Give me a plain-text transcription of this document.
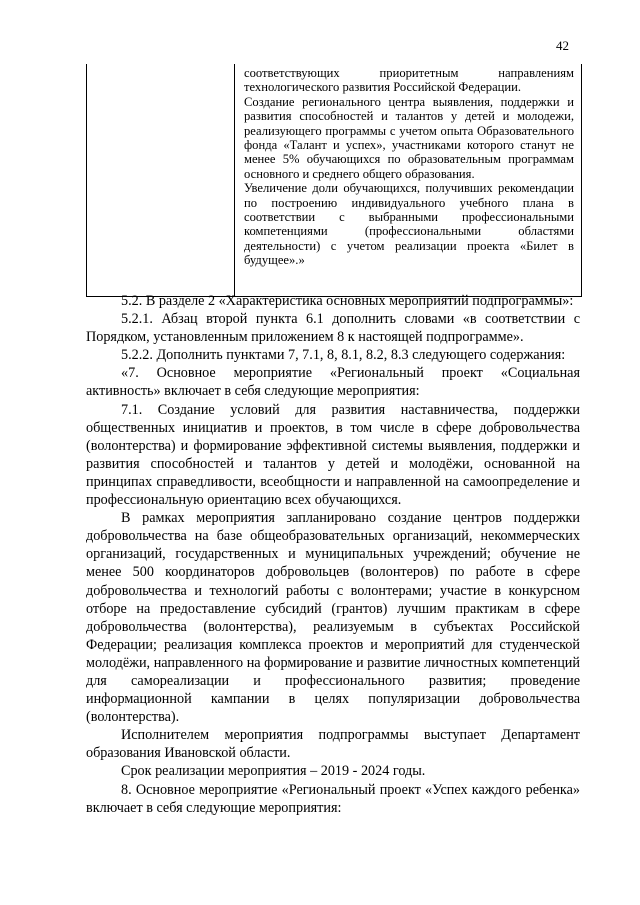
42

соответствующих приоритетным направлениям технологического развития Российской Федерации.

Создание регионального центра выявления, поддержки и развития способностей и талантов у детей и молодежи, реализующего программы с учетом опыта Образовательного фонда «Талант и успех», участниками которого станут не менее 5% обучающихся по образовательным программам основного и среднего общего образования.

Увеличение доли обучающихся, получивших рекомендации по построению индивидуального учебного плана в соответствии с выбранными профессиональными компетенциями (профессиональными областями деятельности) с учетом реализации проекта «Билет в будущее».»

5.2. В разделе 2 «Характеристика основных мероприятий подпрограммы»:

5.2.1. Абзац второй пункта 6.1 дополнить словами «в соответствии с Порядком, установленным приложением 8 к настоящей подпрограмме».

5.2.2. Дополнить пунктами 7, 7.1, 8, 8.1, 8.2, 8.3 следующего содержания:

«7. Основное мероприятие «Региональный проект «Социальная активность» включает в себя следующие мероприятия:

7.1. Создание условий для развития наставничества, поддержки общественных инициатив и проектов, в том числе в сфере добровольчества (волонтерства) и формирование эффективной системы выявления, поддержки и развития способностей и талантов у детей и молодёжи, основанной на принципах справедливости, всеобщности и направленной на самоопределение и профессиональную ориентацию всех обучающихся.

В рамках мероприятия запланировано создание центров поддержки добровольчества на базе общеобразовательных организаций, некоммерческих организаций, государственных и муниципальных учреждений; обучение не менее 500 координаторов добровольцев (волонтеров) по работе в сфере добровольчества и технологий работы с волонтерами; участие в конкурсном отборе на предоставление субсидий (грантов) лучшим практикам в сфере добровольчества (волонтерства), реализуемым в субъектах Российской Федерации; реализация комплекса проектов и мероприятий для студенческой молодёжи, направленного на формирование и развитие личностных компетенций для самореализации и профессионального развития; проведение информационной кампании в целях популяризации добровольчества (волонтерства).

Исполнителем мероприятия подпрограммы выступает Департамент образования Ивановской области.

Срок реализации мероприятия – 2019 - 2024 годы.

8. Основное мероприятие «Региональный проект «Успех каждого ребенка» включает в себя следующие мероприятия:
